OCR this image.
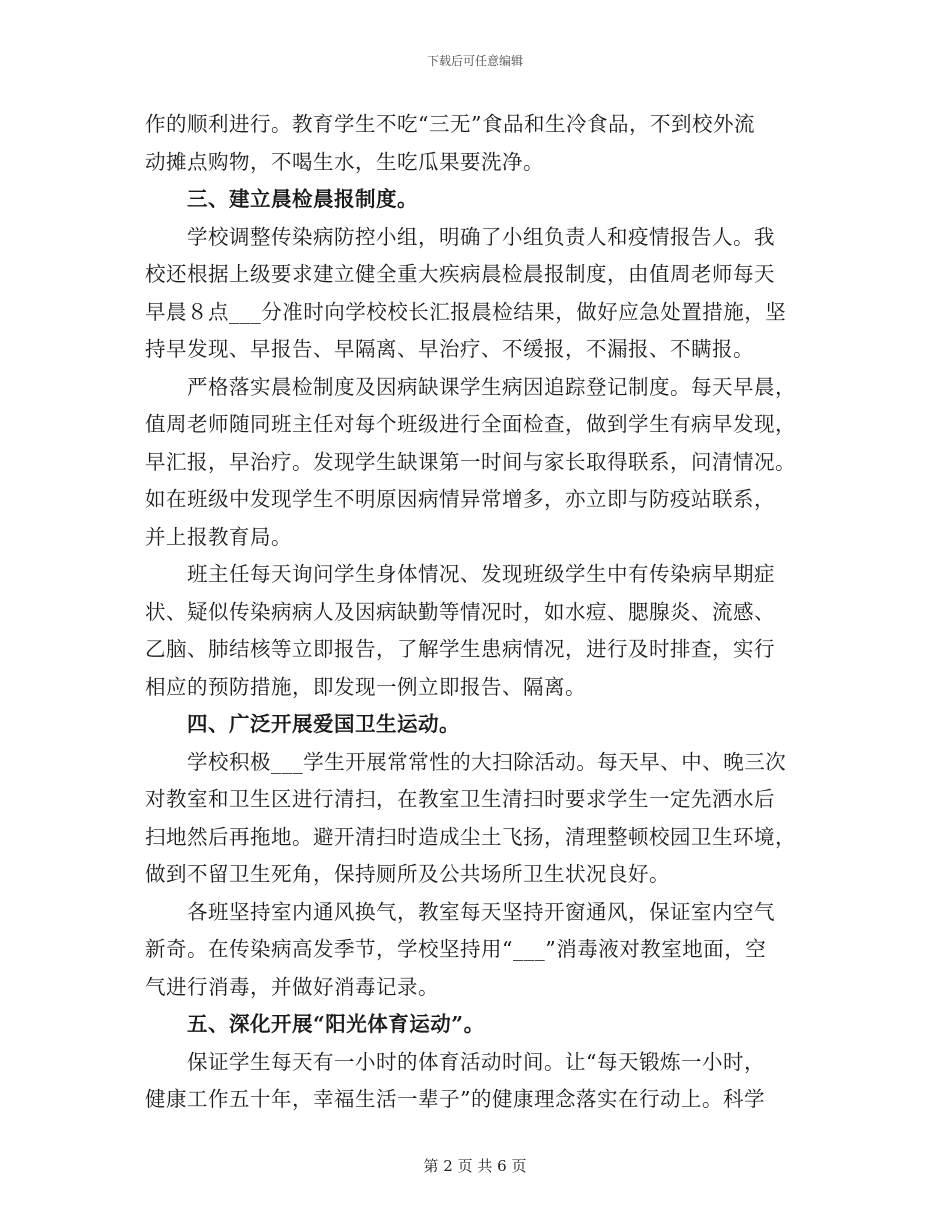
下载后可任意编辑
作的顺利进行。教育学生不吃“三无”食品和生冷食品，不到校外流
动摊点购物，不喝生水，生吃瓜果要洗净。
三、建立晨检晨报制度。
学校调整传染病防控小组，明确了小组负责人和疫情报告人。我
校还根据上级要求建立健全重大疾病晨检晨报制度，由值周老师每天
早晨８点___分准时向学校校长汇报晨检结果，做好应急处置措施，坚
持早发现、早报告、早隔离、早治疗、不缓报，不漏报、不瞒报。
严格落实晨检制度及因病缺课学生病因追踪登记制度。每天早晨，
值周老师随同班主任对每个班级进行全面检查，做到学生有病早发现，
早汇报，早治疗。发现学生缺课第一时间与家长取得联系，问清情况。
如在班级中发现学生不明原因病情异常增多，亦立即与防疫站联系，
并上报教育局。
班主任每天询问学生身体情况、发现班级学生中有传染病早期症
状、疑似传染病病人及因病缺勤等情况时，如水痘、腮腺炎、流感、
乙脑、肺结核等立即报告，了解学生患病情况，进行及时排查，实行
相应的预防措施，即发现一例立即报告、隔离。
四、广泛开展爱国卫生运动。
学校积极___学生开展常常性的大扫除活动。每天早、中、晚三次
对教室和卫生区进行清扫，在教室卫生清扫时要求学生一定先洒水后
扫地然后再拖地。避开清扫时造成尘土飞扬，清理整顿校园卫生环境，
做到不留卫生死角，保持厕所及公共场所卫生状况良好。
各班坚持室内通风换气，教室每天坚持开窗通风，保证室内空气
新奇。在传染病高发季节，学校坚持用“___”消毒液对教室地面，空
气进行消毒，并做好消毒记录。
五、深化开展“阳光体育运动”。
保证学生每天有一小时的体育活动时间。让“每天锻炼一小时，
健康工作五十年，幸福生活一辈子”的健康理念落实在行动上。科学
第 2 页 共 6 页
